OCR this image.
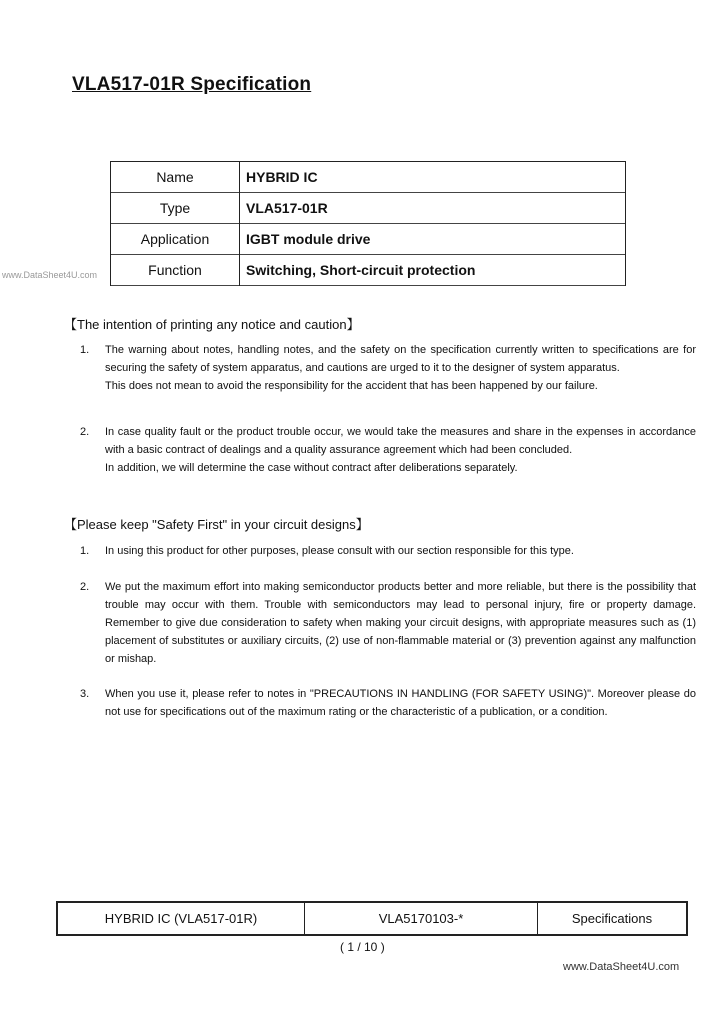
VLA517-01R Specification
Name	HYBRID IC
Type	VLA517-01R
Application	IGBT module drive
Function	Switching, Short-circuit protection
www.DataSheet4U.com
【The intention of printing any notice and caution】
1.	The warning about notes, handling notes, and the safety on the specification currently written to specifications are for securing the safety of system apparatus, and cautions are urged to it to the designer of system apparatus.
This does not mean to avoid the responsibility for the accident that has been happened by our failure.
2.	In case quality fault or the product trouble occur, we would take the measures and share in the expenses in accordance with a basic contract of dealings and a quality assurance agreement which had been concluded.
In addition, we will determine the case without contract after deliberations separately.
【Please keep "Safety First" in your circuit designs】
1.	In using this product for other purposes, please consult with our section responsible for this type.
2.	We put the maximum effort into making semiconductor products better and more reliable, but there is the possibility that trouble may occur with them. Trouble with semiconductors may lead to personal injury, fire or property damage. Remember to give due consideration to safety when making your circuit designs, with appropriate measures such as (1) placement of substitutes or auxiliary circuits, (2) use of non-flammable material or (3) prevention against any malfunction or mishap.
3.	When you use it, please refer to notes in "PRECAUTIONS IN HANDLING (FOR SAFETY USING)". Moreover please do not use for specifications out of the maximum rating or the characteristic of a publication, or a condition.
HYBRID IC (VLA517-01R)	VLA5170103-*	Specifications
( 1 / 10 )
www.DataSheet4U.com
